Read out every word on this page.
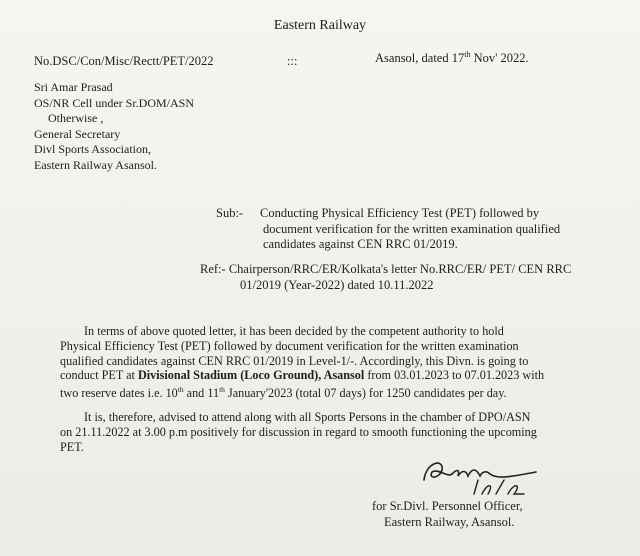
Eastern Railway
No.DSC/Con/Misc/Rectt/PET/2022	:::	Asansol, dated 17th Nov' 2022.
Sri Amar Prasad
OS/NR Cell under Sr.DOM/ASN
Otherwise ,
General Secretary
Divl Sports Association,
Eastern Railway Asansol.
Sub:- Conducting Physical Efficiency Test (PET) followed by
document verification for the written examination qualified
candidates against CEN RRC 01/2019.
Ref:- Chairperson/RRC/ER/Kolkata's letter No.RRC/ER/ PET/ CEN RRC
01/2019 (Year-2022) dated 10.11.2022
In terms of above quoted letter, it has been decided by the competent authority to hold
Physical Efficiency Test (PET) followed by document verification for the written examination
qualified candidates against CEN RRC 01/2019 in Level-1/-. Accordingly, this Divn. is going to
conduct PET at Divisional Stadium (Loco Ground), Asansol from 03.01.2023 to 07.01.2023 with
two reserve dates i.e. 10th and 11th January'2023 (total 07 days) for 1250 candidates per day.
It is, therefore, advised to attend along with all Sports Persons in the chamber of DPO/ASN
on 21.11.2022 at 3.00 p.m positively for discussion in regard to smooth functioning the upcoming
PET.
for Sr.Divl. Personnel Officer,
Eastern Railway, Asansol.
